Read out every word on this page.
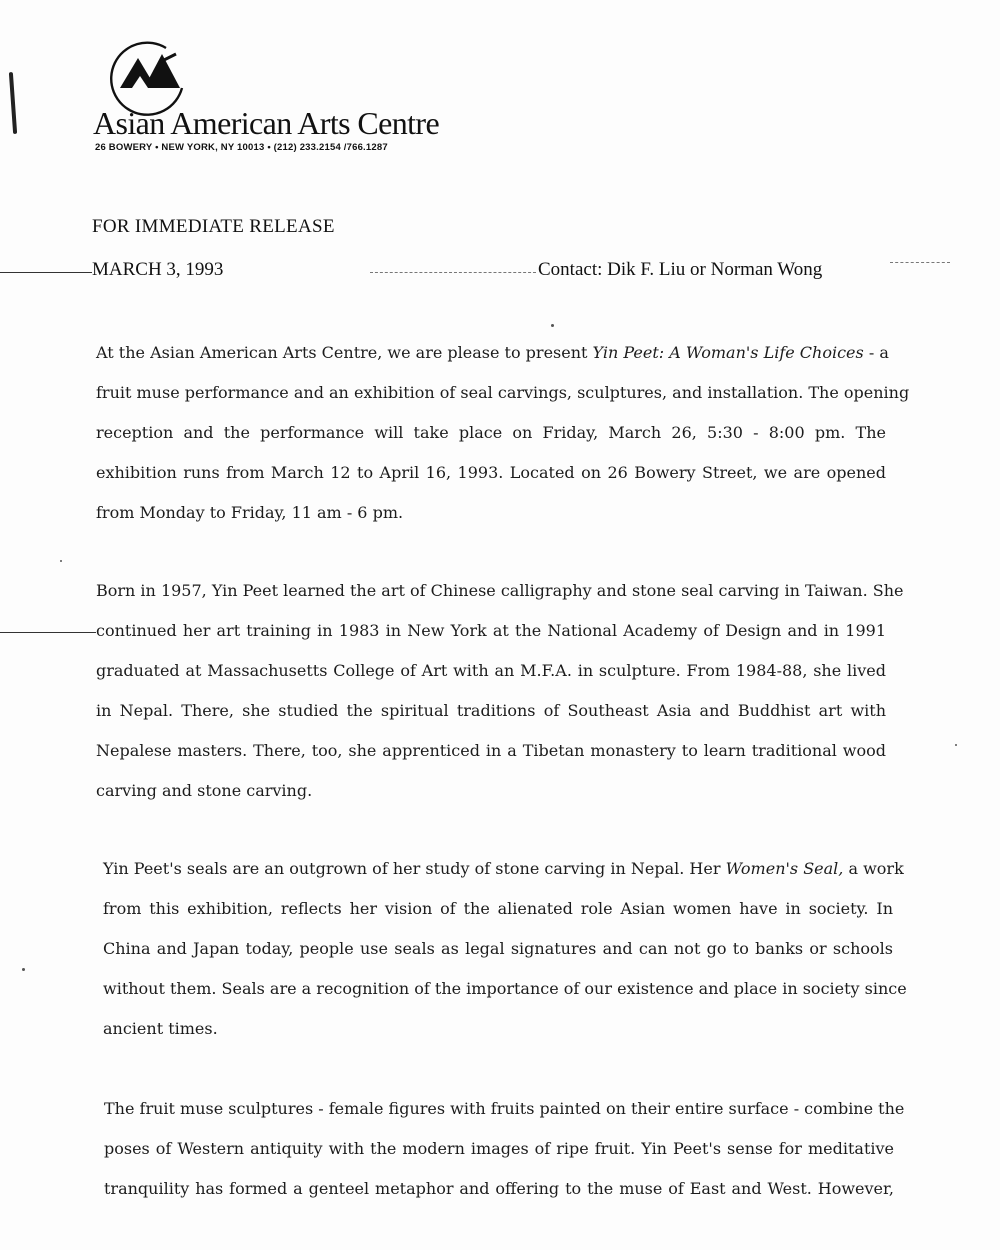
Asian American Arts Centre
26 BOWERY • NEW YORK, NY 10013 • (212) 233.2154 /766.1287
FOR IMMEDIATE RELEASE
MARCH 3, 1993	Contact: Dik F. Liu or Norman Wong
At the Asian American Arts Centre, we are please to present Yin Peet: A Woman's Life Choices - a
fruit muse performance and an exhibition of seal carvings, sculptures, and installation. The opening
reception and the performance will take place on Friday, March 26, 5:30 - 8:00 pm. The
exhibition runs from March 12 to April 16, 1993. Located on 26 Bowery Street, we are opened
from Monday to Friday, 11 am - 6 pm.
Born in 1957, Yin Peet learned the art of Chinese calligraphy and stone seal carving in Taiwan. She
continued her art training in 1983 in New York at the National Academy of Design and in 1991
graduated at Massachusetts College of Art with an M.F.A. in sculpture. From 1984-88, she lived
in Nepal. There, she studied the spiritual traditions of Southeast Asia and Buddhist art with
Nepalese masters. There, too, she apprenticed in a Tibetan monastery to learn traditional wood
carving and stone carving.
Yin Peet's seals are an outgrown of her study of stone carving in Nepal. Her Women's Seal, a work
from this exhibition, reflects her vision of the alienated role Asian women have in society. In
China and Japan today, people use seals as legal signatures and can not go to banks or schools
without them. Seals are a recognition of the importance of our existence and place in society since
ancient times.
The fruit muse sculptures - female figures with fruits painted on their entire surface - combine the
poses of Western antiquity with the modern images of ripe fruit. Yin Peet's sense for meditative
tranquility has formed a genteel metaphor and offering to the muse of East and West. However,
